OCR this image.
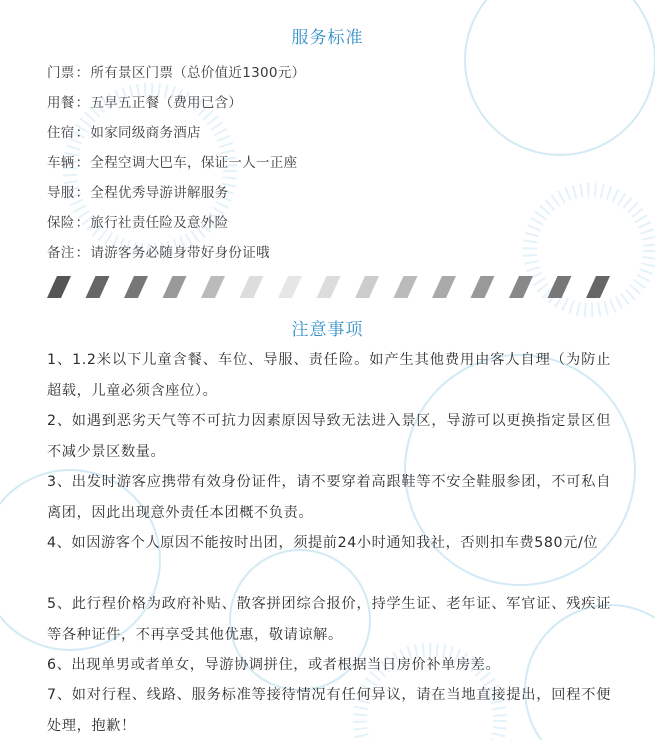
服务标准
门票：所有景区门票（总价值近1300元）
用餐：五早五正餐（费用已含）
住宿：如家同级商务酒店
车辆：全程空调大巴车，保证一人一正座
导服：全程优秀导游讲解服务
保险：旅行社责任险及意外险
备注：请游客务必随身带好身份证哦
注意事项
1、1.2米以下儿童含餐、车位、导服、责任险。如产生其他费用由客人自理（为防止超载，儿童必须含座位）。
2、如遇到恶劣天气等不可抗力因素原因导致无法进入景区，导游可以更换指定景区但不减少景区数量。
3、出发时游客应携带有效身份证件，请不要穿着高跟鞋等不安全鞋服参团，不可私自离团，因此出现意外责任本团概不负责。
4、如因游客个人原因不能按时出团，须提前24小时通知我社，否则扣车费580元/位
5、此行程价格为政府补贴、散客拼团综合报价，持学生证、老年证、军官证、残疾证等各种证件，不再享受其他优惠，敬请谅解。
6、出现单男或者单女，导游协调拼住，或者根据当日房价补单房差。
7、如对行程、线路、服务标准等接待情况有任何异议，请在当地直接提出，回程不便处理，抱歉！
